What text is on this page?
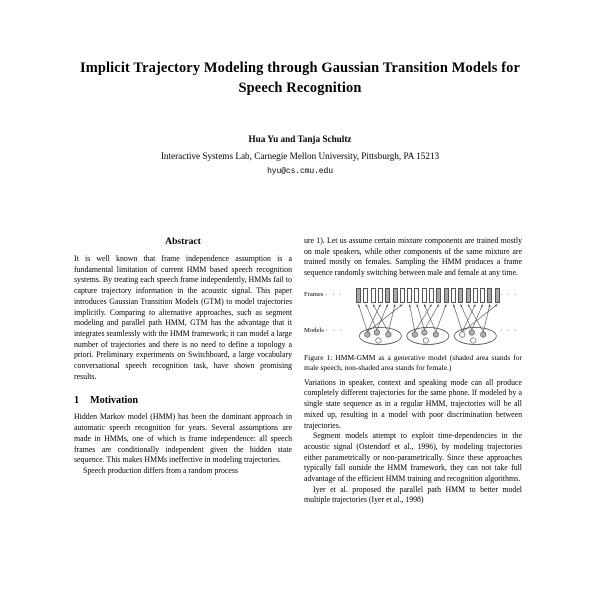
Implicit Trajectory Modeling through Gaussian Transition Models for Speech Recognition
Hua Yu and Tanja Schultz
Interactive Systems Lab, Carnegie Mellon University, Pittsburgh, PA 15213
hyu@cs.cmu.edu
Abstract

It is well known that frame independence assumption is a fundamental limitation of current HMM based speech recognition systems. By treating each speech frame independently, HMMs fail to capture trajectory information in the acoustic signal. This paper introduces Gaussian Transition Models (GTM) to model trajectories implicitly. Comparing to alternative approaches, such as segment modeling and parallel path HMM, GTM has the advantage that it integrates seamlessly with the HMM framework; it can model a large number of trajectories and there is no need to define a topology a priori. Preliminary experiments on Switchboard, a large vocabulary conversational speech recognition task, have shown promising results.

1 Motivation

Hidden Markov model (HMM) has been the dominant approach in automatic speech recognition for years. Several assumptions are made in HMMs, one of which is frame independence: all speech frames are conditionally independent given the hidden state sequence. This makes HMMs ineffective in modeling trajectories.

Speech production differs from a random process

ure 1). Let us assume certain mixture components are trained mostly on male speakers, while other components of the same mixture are trained mostly on females. Sampling the HMM produces a frame sequence randomly switching between male and female at any time.

Frames · · ·
Models · · ·
· · ·
· · ·
Figure 1: HMM-GMM as a generative model (shaded area stands for male speech, non-shaded area stands for female.)

Variations in speaker, context and speaking mode can all produce completely different trajectories for the same phone. If modeled by a single state sequence as in a regular HMM, trajectories will be all mixed up, resulting in a model with poor discrimination between trajectories.

Segment models attempt to exploit time-dependencies in the acoustic signal (Ostendorf et al., 1996), by modeling trajectories either parametrically or non-parametrically. Since these approaches typically fall outside the HMM framework, they can not take full advantage of the efficient HMM training and recognition algorithms.

Iyer et al. proposed the parallel path HMM to better model multiple trajectories (Iyer et al., 1998)
